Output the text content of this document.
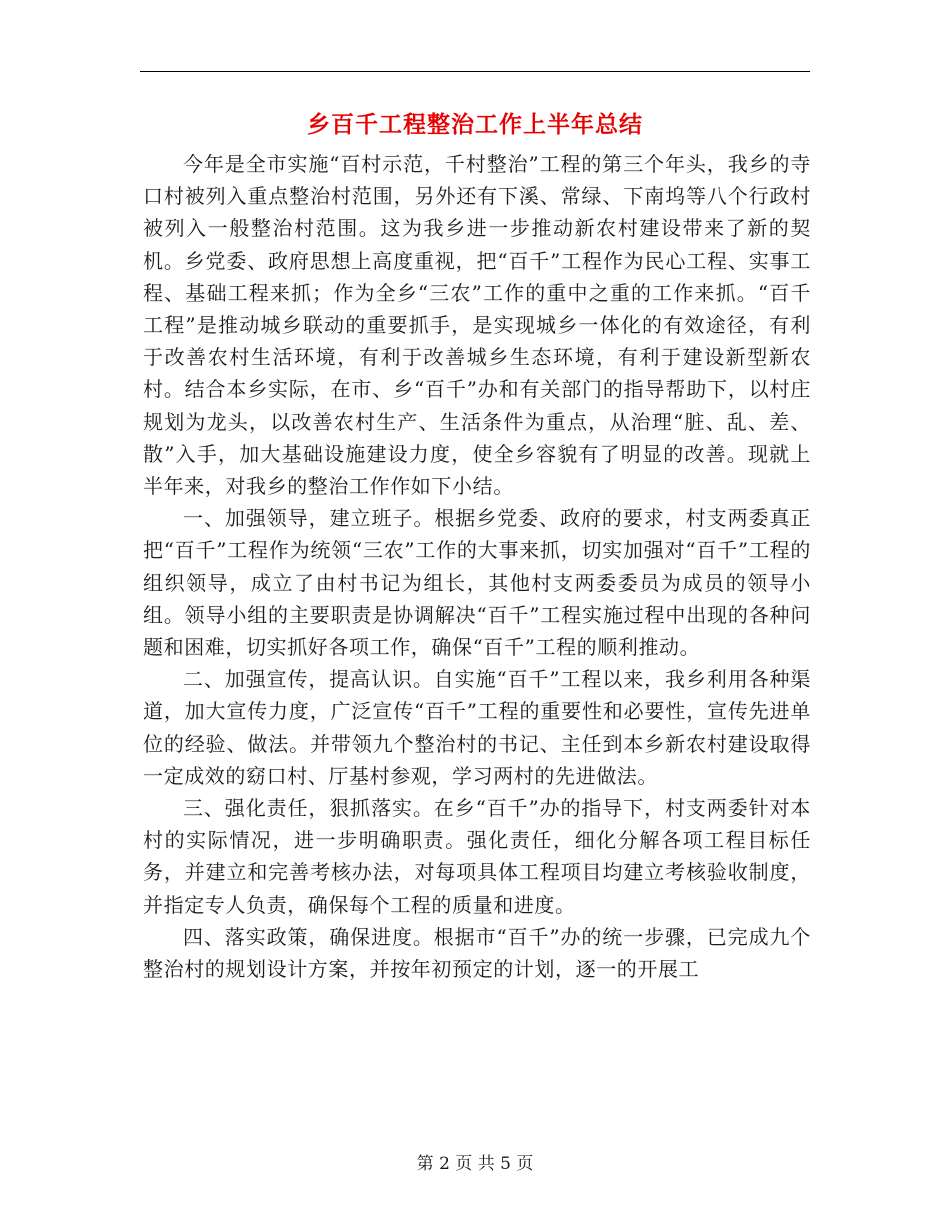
乡百千工程整治工作上半年总结

今年是全市实施“百村示范，千村整治”工程的第三个年头，我乡的寺口村被列入重点整治村范围，另外还有下溪、常绿、下南坞等八个行政村被列入一般整治村范围。这为我乡进一步推动新农村建设带来了新的契机。乡党委、政府思想上高度重视，把“百千”工程作为民心工程、实事工程、基础工程来抓；作为全乡“三农”工作的重中之重的工作来抓。“百千工程”是推动城乡联动的重要抓手，是实现城乡一体化的有效途径，有利于改善农村生活环境，有利于改善城乡生态环境，有利于建设新型新农村。结合本乡实际，在市、乡“百千”办和有关部门的指导帮助下，以村庄规划为龙头，以改善农村生产、生活条件为重点，从治理“脏、乱、差、散”入手，加大基础设施建设力度，使全乡容貌有了明显的改善。现就上半年来，对我乡的整治工作作如下小结。

一、加强领导，建立班子。根据乡党委、政府的要求，村支两委真正把“百千”工程作为统领“三农”工作的大事来抓，切实加强对“百千”工程的组织领导，成立了由村书记为组长，其他村支两委委员为成员的领导小组。领导小组的主要职责是协调解决“百千”工程实施过程中出现的各种问题和困难，切实抓好各项工作，确保“百千”工程的顺利推动。

二、加强宣传，提高认识。自实施“百千”工程以来，我乡利用各种渠道，加大宣传力度，广泛宣传“百千”工程的重要性和必要性，宣传先进单位的经验、做法。并带领九个整治村的书记、主任到本乡新农村建设取得一定成效的窈口村、厅基村参观，学习两村的先进做法。

三、强化责任，狠抓落实。在乡“百千”办的指导下，村支两委针对本村的实际情况，进一步明确职责。强化责任，细化分解各项工程目标任务，并建立和完善考核办法，对每项具体工程项目均建立考核验收制度，并指定专人负责，确保每个工程的质量和进度。

四、落实政策，确保进度。根据市“百千”办的统一步骤，已完成九个整治村的规划设计方案，并按年初预定的计划，逐一的开展工

第 2 页 共 5 页
